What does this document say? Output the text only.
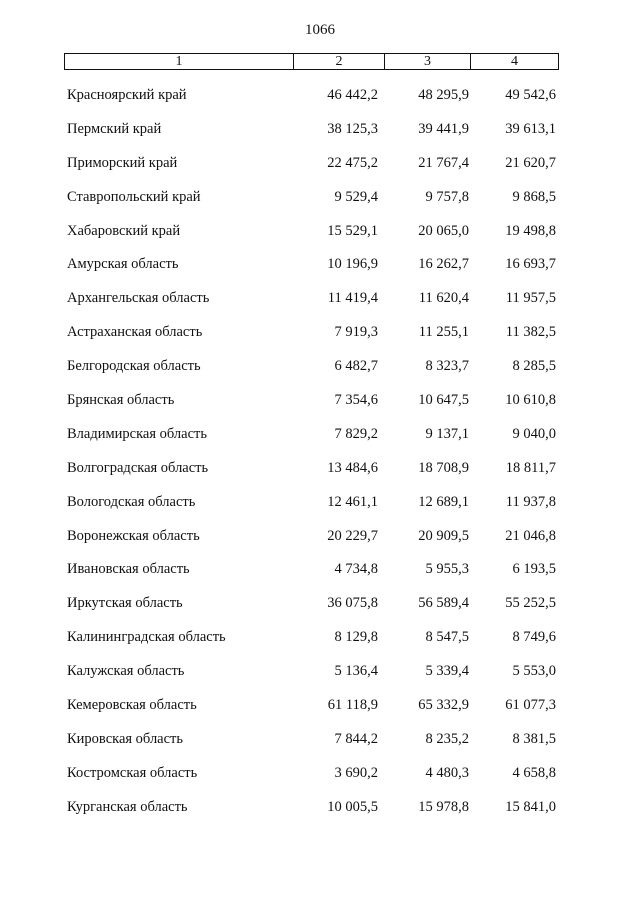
1066
1	2	3	4
Красноярский край	46 442,2	48 295,9	49 542,6
Пермский край	38 125,3	39 441,9	39 613,1
Приморский край	22 475,2	21 767,4	21 620,7
Ставропольский край	9 529,4	9 757,8	9 868,5
Хабаровский край	15 529,1	20 065,0	19 498,8
Амурская область	10 196,9	16 262,7	16 693,7
Архангельская область	11 419,4	11 620,4	11 957,5
Астраханская область	7 919,3	11 255,1	11 382,5
Белгородская область	6 482,7	8 323,7	8 285,5
Брянская область	7 354,6	10 647,5	10 610,8
Владимирская область	7 829,2	9 137,1	9 040,0
Волгоградская область	13 484,6	18 708,9	18 811,7
Вологодская область	12 461,1	12 689,1	11 937,8
Воронежская область	20 229,7	20 909,5	21 046,8
Ивановская область	4 734,8	5 955,3	6 193,5
Иркутская область	36 075,8	56 589,4	55 252,5
Калининградская область	8 129,8	8 547,5	8 749,6
Калужская область	5 136,4	5 339,4	5 553,0
Кемеровская область	61 118,9	65 332,9	61 077,3
Кировская область	7 844,2	8 235,2	8 381,5
Костромская область	3 690,2	4 480,3	4 658,8
Курганская область	10 005,5	15 978,8	15 841,0
